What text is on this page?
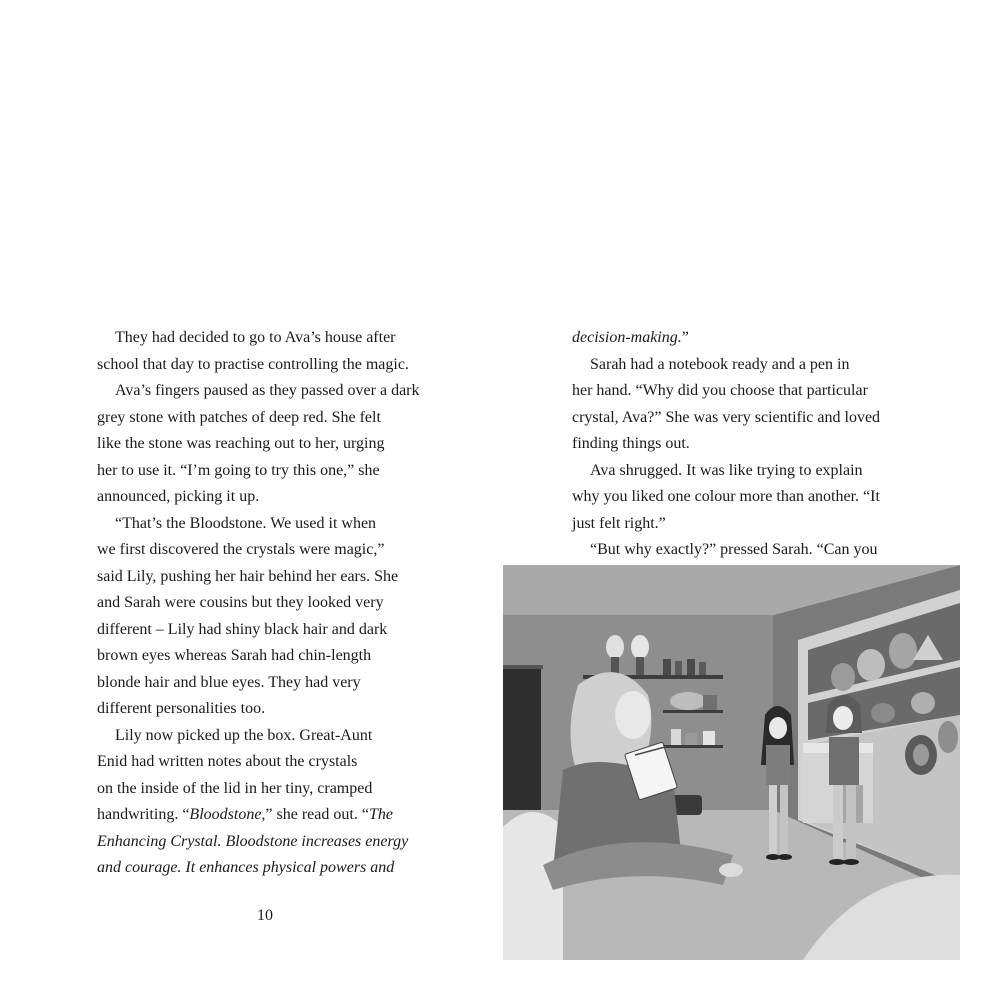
They had decided to go to Ava’s house after
school that day to practise controlling the magic.
Ava’s fingers paused as they passed over a dark
grey stone with patches of deep red. She felt
like the stone was reaching out to her, urging
her to use it. “I’m going to try this one,” she
announced, picking it up.
“That’s the Bloodstone. We used it when
we first discovered the crystals were magic,”
said Lily, pushing her hair behind her ears. She
and Sarah were cousins but they looked very
different – Lily had shiny black hair and dark
brown eyes whereas Sarah had chin-length
blonde hair and blue eyes. They had very
different personalities too.
Lily now picked up the box. Great-Aunt
Enid had written notes about the crystals
on the inside of the lid in her tiny, cramped
handwriting. “Bloodstone,” she read out. “The
Enhancing Crystal. Bloodstone increases energy
and courage. It enhances physical powers and
decision-making.”
Sarah had a notebook ready and a pen in
her hand. “Why did you choose that particular
crystal, Ava?” She was very scientific and loved
finding things out.
Ava shrugged. It was like trying to explain
why you liked one colour more than another. “It
just felt right.”
“But why exactly?” pressed Sarah. “Can you
10
